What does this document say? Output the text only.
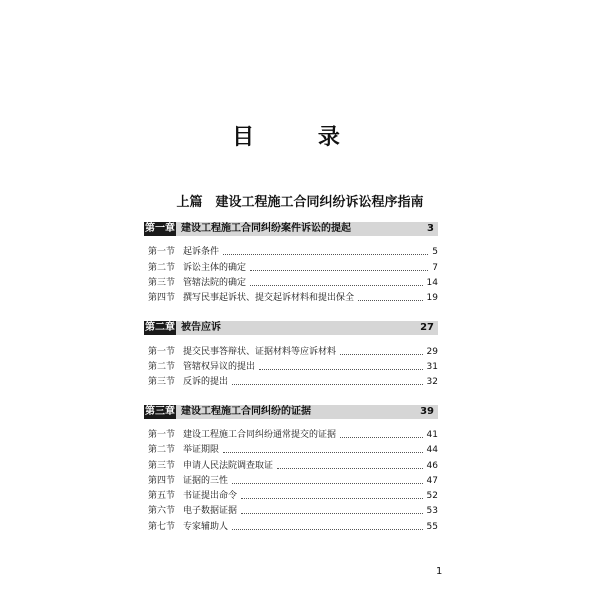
目 录
上篇　建设工程施工合同纠纷诉讼程序指南
第一章 建设工程施工合同纠纷案件诉讼的提起	3
第一节 起诉条件	5
第二节 诉讼主体的确定	7
第三节 管辖法院的确定	14
第四节 撰写民事起诉状、提交起诉材料和提出保全	19
第二章 被告应诉	27
第一节 提交民事答辩状、证据材料等应诉材料	29
第二节 管辖权异议的提出	31
第三节 反诉的提出	32
第三章 建设工程施工合同纠纷的证据	39
第一节 建设工程施工合同纠纷通常提交的证据	41
第二节 举证期限	44
第三节 申请人民法院调查取证	46
第四节 证据的三性	47
第五节 书证提出命令	52
第六节 电子数据证据	53
第七节 专家辅助人	55
1
